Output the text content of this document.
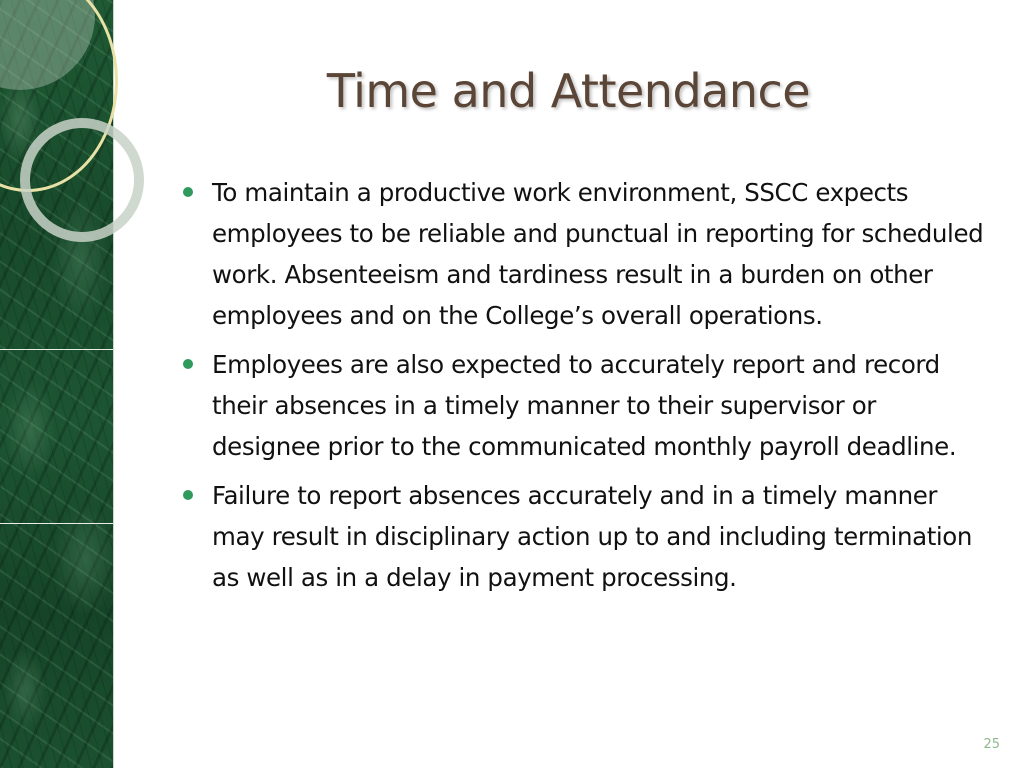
Time and Attendance
To maintain a productive work environment, SSCC expects employees to be reliable and punctual in reporting for scheduled work. Absenteeism and tardiness result in a burden on other employees and on the College’s overall operations.
Employees are also expected to accurately report and record their absences in a timely manner to their supervisor or designee prior to the communicated monthly payroll deadline.
Failure to report absences accurately and in a timely manner may result in disciplinary action up to and including termination as well as in a delay in payment processing.
25
